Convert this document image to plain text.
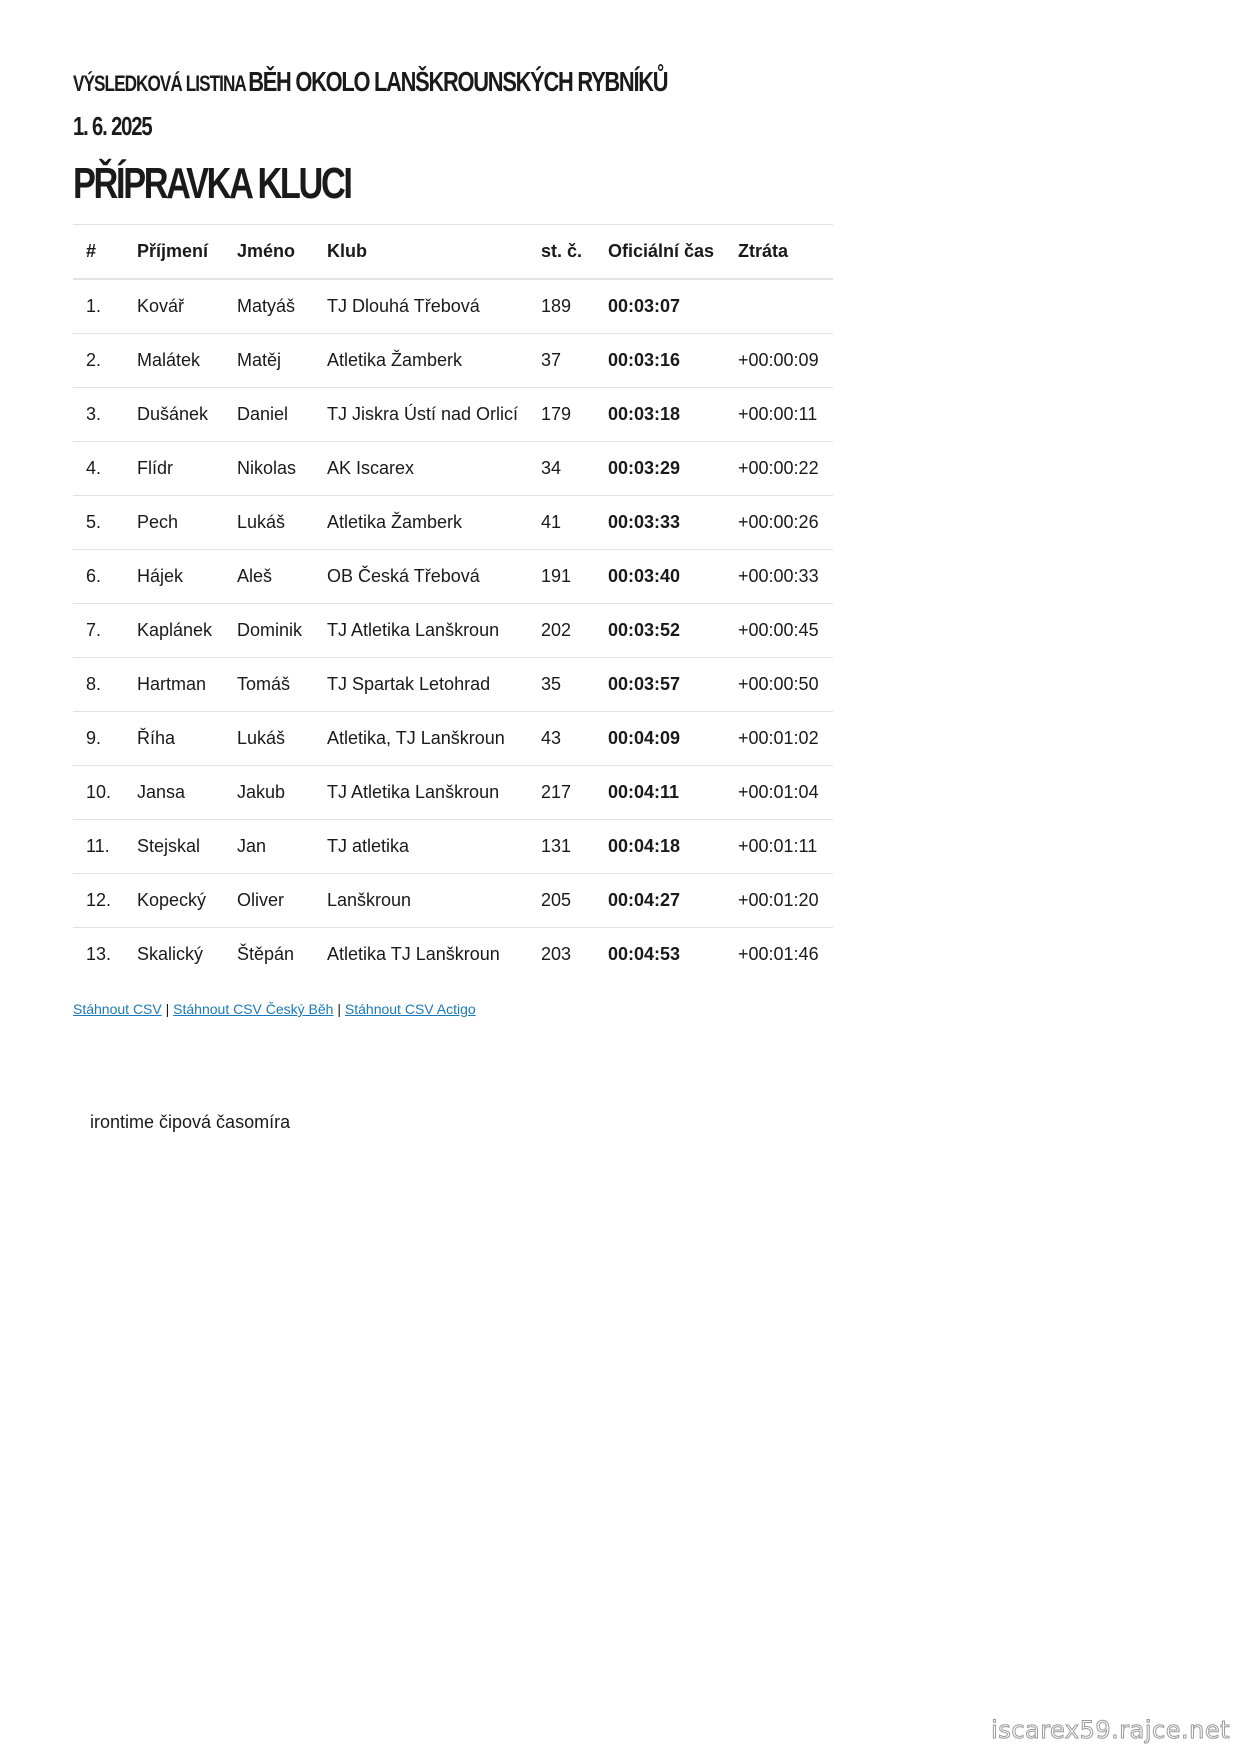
VÝSLEDKOVÁ LISTINA BĚH OKOLO LANŠKROUNSKÝCH RYBNÍKŮ

1. 6. 2025
PŘÍPRAVKA KLUCI
#	Příjmení	Jméno	Klub	st. č.	Oficiální čas	Ztráta
1.	Kovář	Matyáš	TJ Dlouhá Třebová	189	00:03:07	
2.	Malátek	Matěj	Atletika Žamberk	37	00:03:16	+00:00:09
3.	Dušánek	Daniel	TJ Jiskra Ústí nad Orlicí	179	00:03:18	+00:00:11
4.	Flídr	Nikolas	AK Iscarex	34	00:03:29	+00:00:22
5.	Pech	Lukáš	Atletika Žamberk	41	00:03:33	+00:00:26
6.	Hájek	Aleš	OB Česká Třebová	191	00:03:40	+00:00:33
7.	Kaplánek	Dominik	TJ Atletika Lanškroun	202	00:03:52	+00:00:45
8.	Hartman	Tomáš	TJ Spartak Letohrad	35	00:03:57	+00:00:50
9.	Říha	Lukáš	Atletika, TJ Lanškroun	43	00:04:09	+00:01:02
10.	Jansa	Jakub	TJ Atletika Lanškroun	217	00:04:11	+00:01:04
11.	Stejskal	Jan	TJ atletika	131	00:04:18	+00:01:11
12.	Kopecký	Oliver	Lanškroun	205	00:04:27	+00:01:20
13.	Skalický	Štěpán	Atletika TJ Lanškroun	203	00:04:53	+00:01:46
Stáhnout CSV | Stáhnout CSV Český Běh | Stáhnout CSV Actigo
irontime čipová časomíra
iscarex59.rajce.net
